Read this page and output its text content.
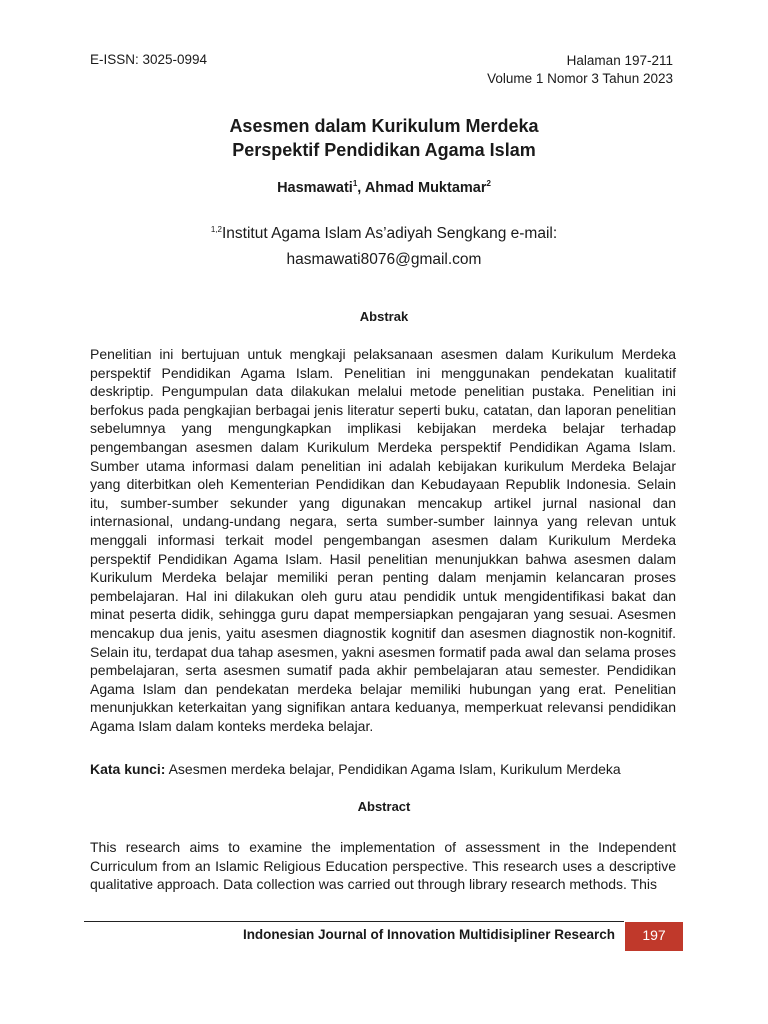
E-ISSN: 3025-0994	Halaman 197-211
Volume 1 Nomor 3 Tahun 2023
Asesmen dalam Kurikulum Merdeka
Perspektif Pendidikan Agama Islam
Hasmawati$^1$, Ahmad Muktamar$^2$
$^{1,2}$Institut Agama Islam As’adiyah Sengkang e-mail:
hasmawati8076@gmail.com
Abstrak
Penelitian ini bertujuan untuk mengkaji pelaksanaan asesmen dalam Kurikulum Merdeka perspektif Pendidikan Agama Islam. Penelitian ini menggunakan pendekatan kualitatif deskriptip. Pengumpulan data dilakukan melalui metode penelitian pustaka. Penelitian ini berfokus pada pengkajian berbagai jenis literatur seperti buku, catatan, dan laporan penelitian sebelumnya yang mengungkapkan implikasi kebijakan merdeka belajar terhadap pengembangan asesmen dalam Kurikulum Merdeka perspektif Pendidikan Agama Islam. Sumber utama informasi dalam penelitian ini adalah kebijakan kurikulum Merdeka Belajar yang diterbitkan oleh Kementerian Pendidikan dan Kebudayaan Republik Indonesia. Selain itu, sumber-sumber sekunder yang digunakan mencakup artikel jurnal nasional dan internasional, undang-undang negara, serta sumber-sumber lainnya yang relevan untuk menggali informasi terkait model pengembangan asesmen dalam Kurikulum Merdeka perspektif Pendidikan Agama Islam. Hasil penelitian menunjukkan bahwa asesmen dalam Kurikulum Merdeka belajar memiliki peran penting dalam menjamin kelancaran proses pembelajaran. Hal ini dilakukan oleh guru atau pendidik untuk mengidentifikasi bakat dan minat peserta didik, sehingga guru dapat mempersiapkan pengajaran yang sesuai. Asesmen mencakup dua jenis, yaitu asesmen diagnostik kognitif dan asesmen diagnostik non-kognitif. Selain itu, terdapat dua tahap asesmen, yakni asesmen formatif pada awal dan selama proses pembelajaran, serta asesmen sumatif pada akhir pembelajaran atau semester. Pendidikan Agama Islam dan pendekatan merdeka belajar memiliki hubungan yang erat. Penelitian menunjukkan keterkaitan yang signifikan antara keduanya, memperkuat relevansi pendidikan Agama Islam dalam konteks merdeka belajar.
Kata kunci: Asesmen merdeka belajar, Pendidikan Agama Islam, Kurikulum Merdeka
Abstract
This research aims to examine the implementation of assessment in the Independent Curriculum from an Islamic Religious Education perspective. This research uses a descriptive qualitative approach. Data collection was carried out through library research methods. This
Indonesian Journal of Innovation Multidisipliner Research	197
